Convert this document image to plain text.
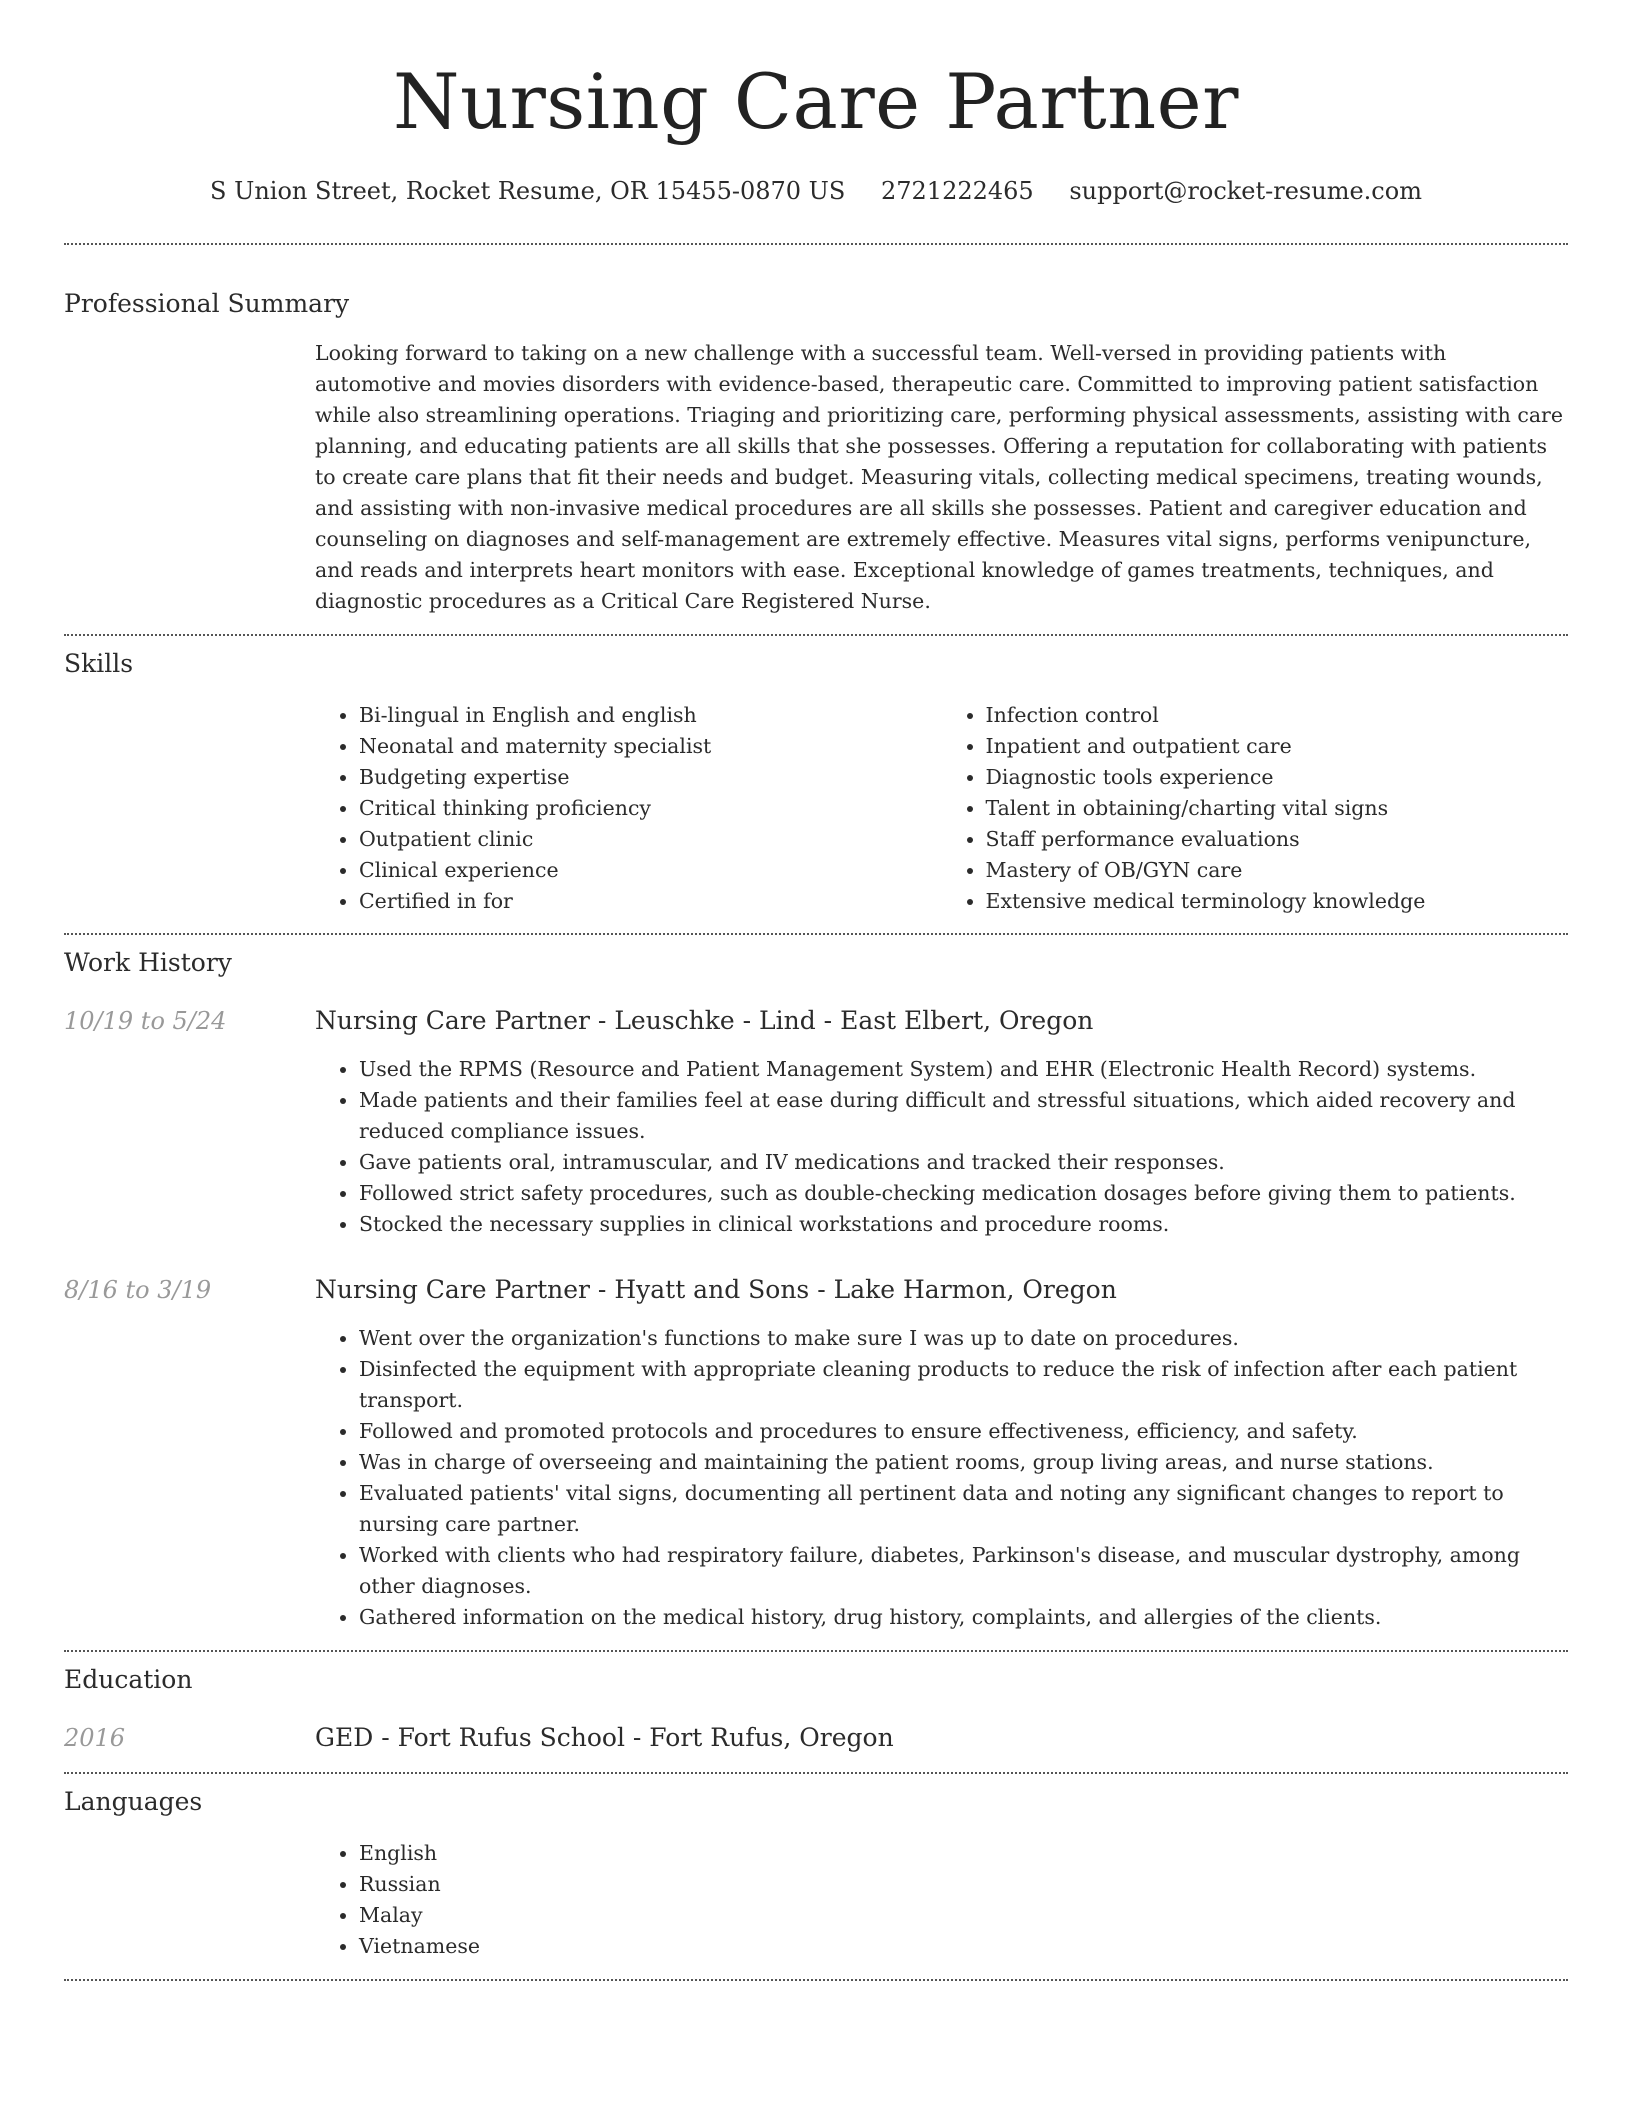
Nursing Care Partner
S Union Street, Rocket Resume, OR 15455-0870 US 2721222465 support@rocket-resume.com
Professional Summary

Looking forward to taking on a new challenge with a successful team. Well-versed in providing patients with automotive and movies disorders with evidence-based, therapeutic care. Committed to improving patient satisfaction while also streamlining operations. Triaging and prioritizing care, performing physical assessments, assisting with care planning, and educating patients are all skills that she possesses. Offering a reputation for collaborating with patients to create care plans that fit their needs and budget. Measuring vitals, collecting medical specimens, treating wounds, and assisting with non-invasive medical procedures are all skills she possesses. Patient and caregiver education and counseling on diagnoses and self-management are extremely effective. Measures vital signs, performs venipuncture, and reads and interprets heart monitors with ease. Exceptional knowledge of games treatments, techniques, and diagnostic procedures as a Critical Care Registered Nurse.

Skills
• Bi-lingual in English and english
• Neonatal and maternity specialist
• Budgeting expertise
• Critical thinking proficiency
• Outpatient clinic
• Clinical experience
• Certified in for
• Infection control
• Inpatient and outpatient care
• Diagnostic tools experience
• Talent in obtaining/charting vital signs
• Staff performance evaluations
• Mastery of OB/GYN care
• Extensive medical terminology knowledge
Work History
10/19 to 5/24	Nursing Care Partner - Leuschke - Lind - East Elbert, Oregon
• Used the RPMS (Resource and Patient Management System) and EHR (Electronic Health Record) systems.
• Made patients and their families feel at ease during difficult and stressful situations, which aided recovery and reduced compliance issues.
• Gave patients oral, intramuscular, and IV medications and tracked their responses.
• Followed strict safety procedures, such as double-checking medication dosages before giving them to patients.
• Stocked the necessary supplies in clinical workstations and procedure rooms.
8/16 to 3/19	Nursing Care Partner - Hyatt and Sons - Lake Harmon, Oregon
• Went over the organization's functions to make sure I was up to date on procedures.
• Disinfected the equipment with appropriate cleaning products to reduce the risk of infection after each patient transport.
• Followed and promoted protocols and procedures to ensure effectiveness, efficiency, and safety.
• Was in charge of overseeing and maintaining the patient rooms, group living areas, and nurse stations.
• Evaluated patients' vital signs, documenting all pertinent data and noting any significant changes to report to nursing care partner.
• Worked with clients who had respiratory failure, diabetes, Parkinson's disease, and muscular dystrophy, among other diagnoses.
• Gathered information on the medical history, drug history, complaints, and allergies of the clients.
Education
2016	GED - Fort Rufus School - Fort Rufus, Oregon
Languages
• English
• Russian
• Malay
• Vietnamese
